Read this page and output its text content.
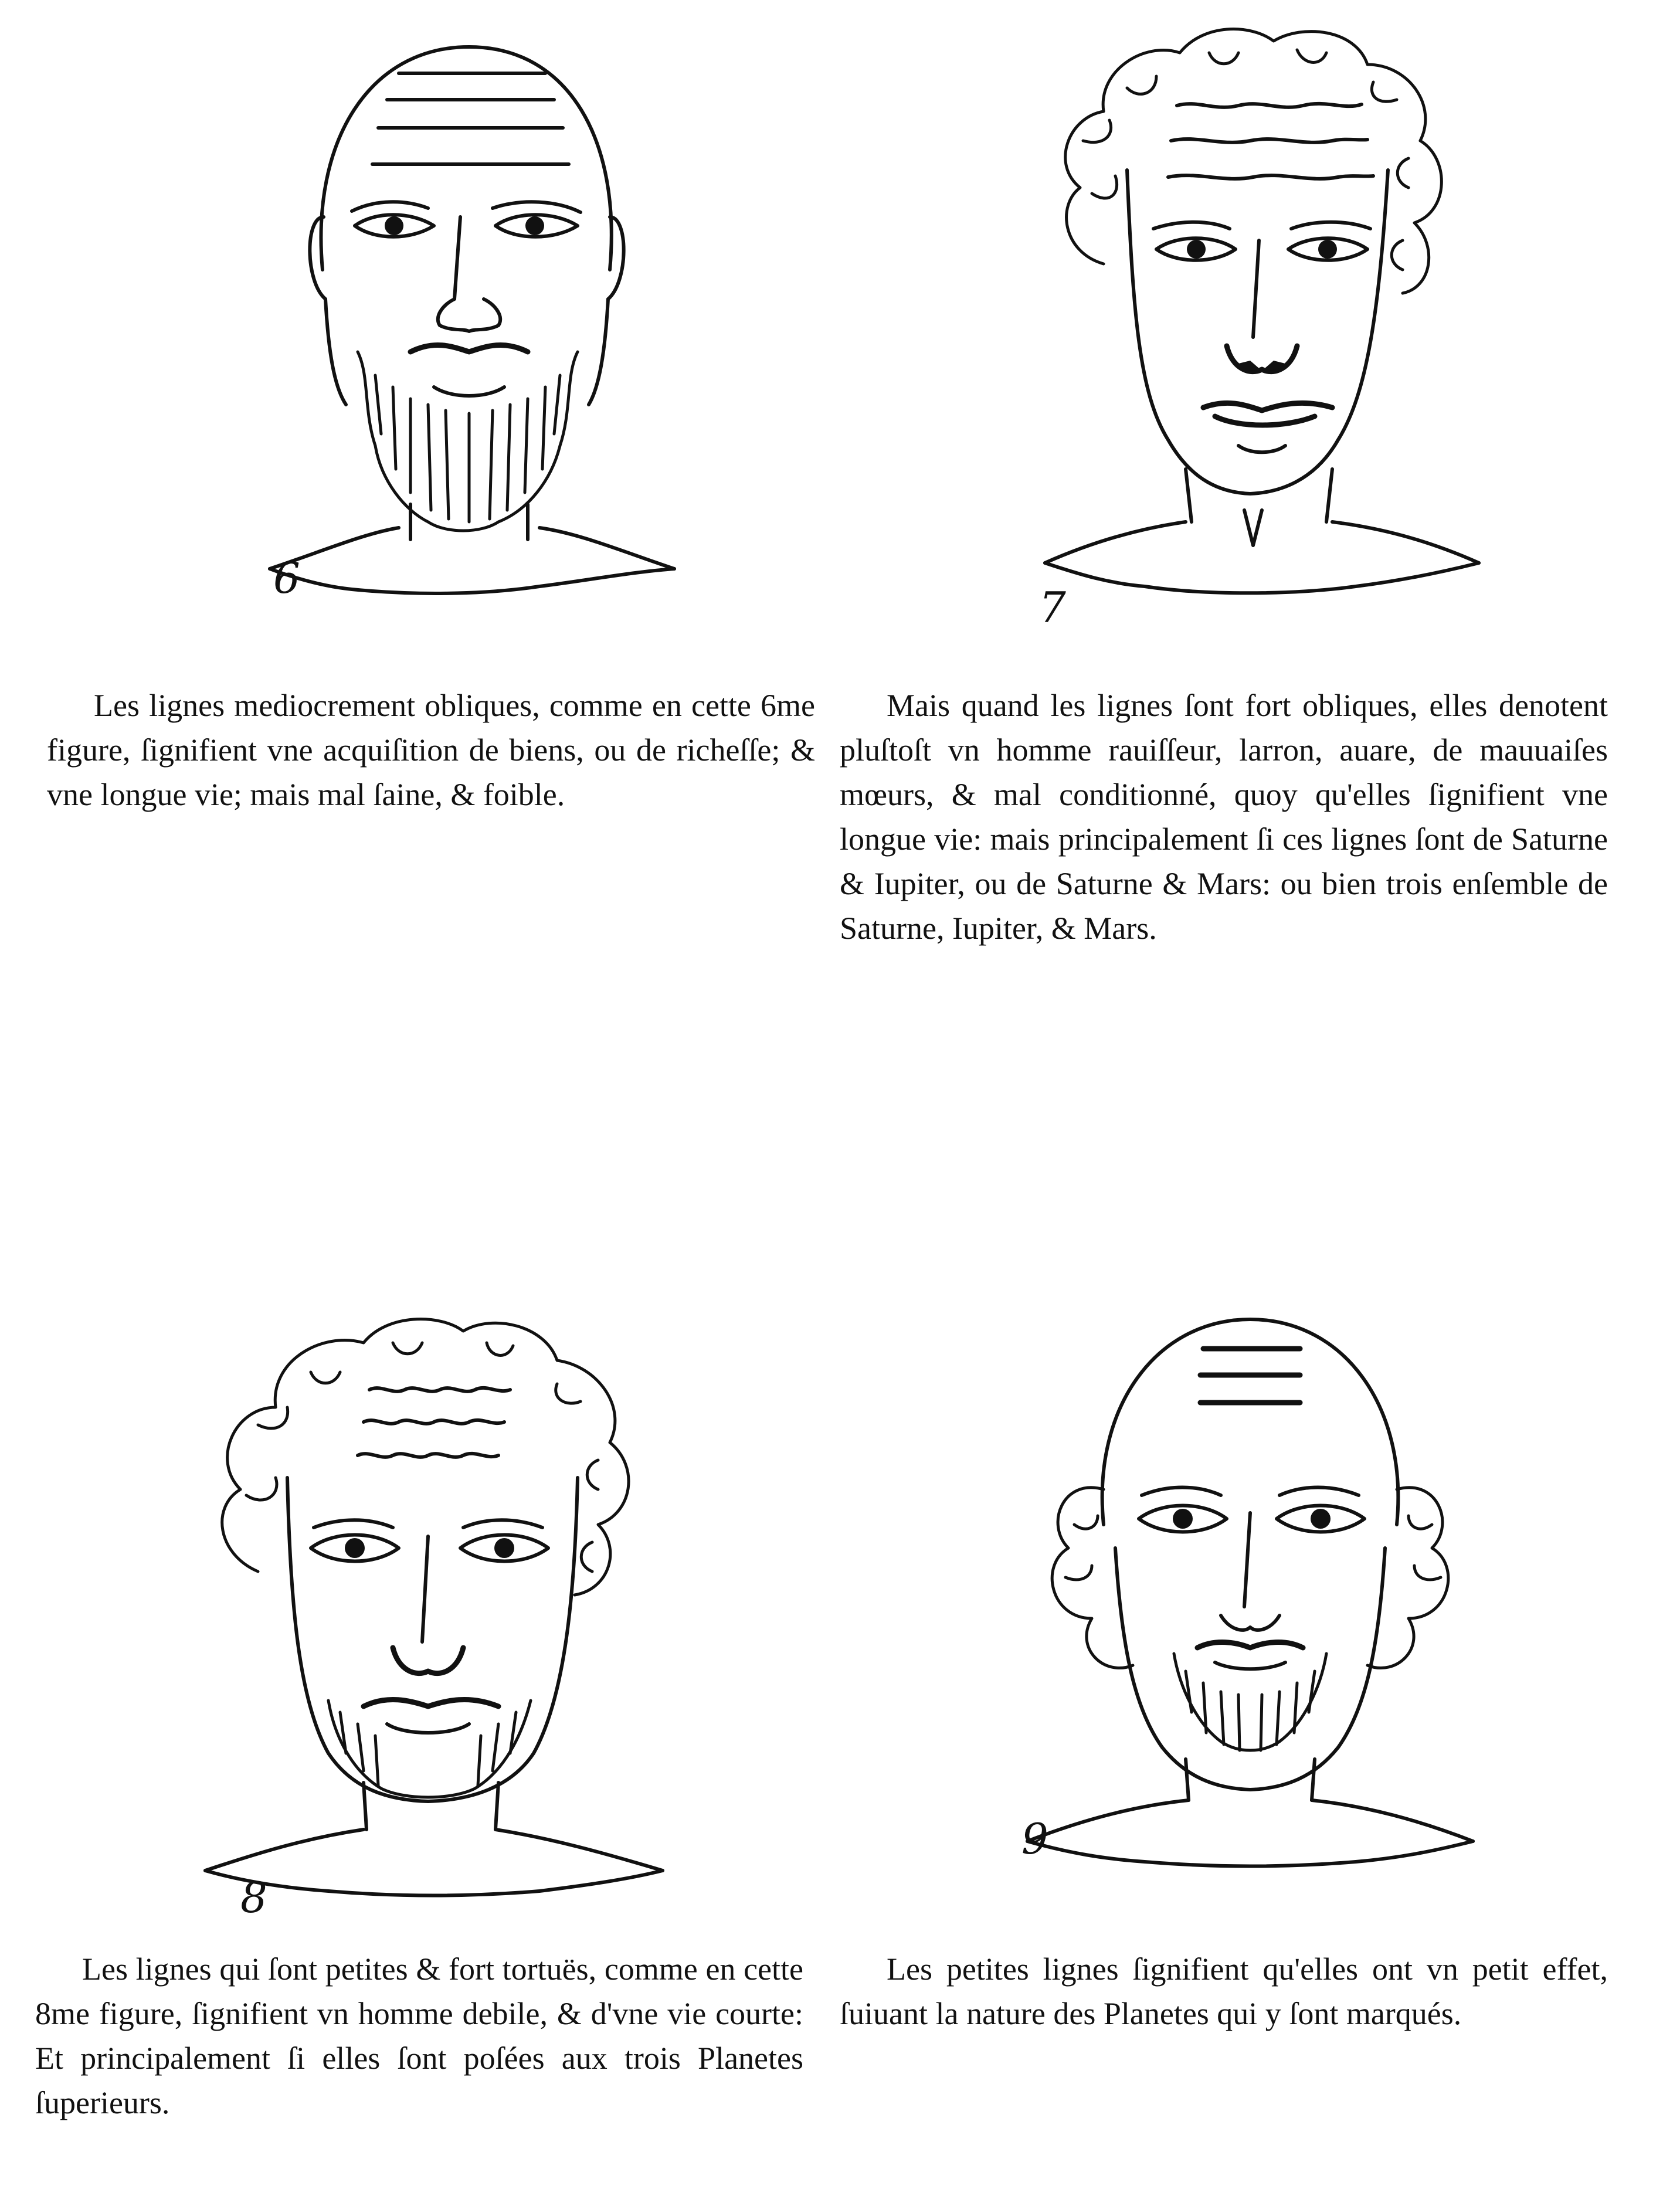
6

Les lignes mediocrement obliques, comme en cette 6me figure, ſignifient vne acquiſition de biens, ou de richeſſe; & vne longue vie; mais mal ſaine, & foible.

7

Mais quand les lignes ſont fort obliques, elles denotent pluſtoſt vn homme rauiſſeur, larron, auare, de mauuaiſes mœurs, & mal conditionné, quoy qu'elles ſignifient vne longue vie: mais principalement ſi ces lignes ſont de Saturne & Iupiter, ou de Saturne & Mars: ou bien trois enſemble de Saturne, Iupiter, & Mars.

8

Les lignes qui ſont petites & fort tortuës, comme en cette 8me figure, ſignifient vn homme debile, & d'vne vie courte: Et principalement ſi elles ſont poſées aux trois Planetes ſuperieurs.

9

Les petites lignes ſignifient qu'elles ont vn petit effet, ſuiuant la nature des Planetes qui y ſont marqués.
